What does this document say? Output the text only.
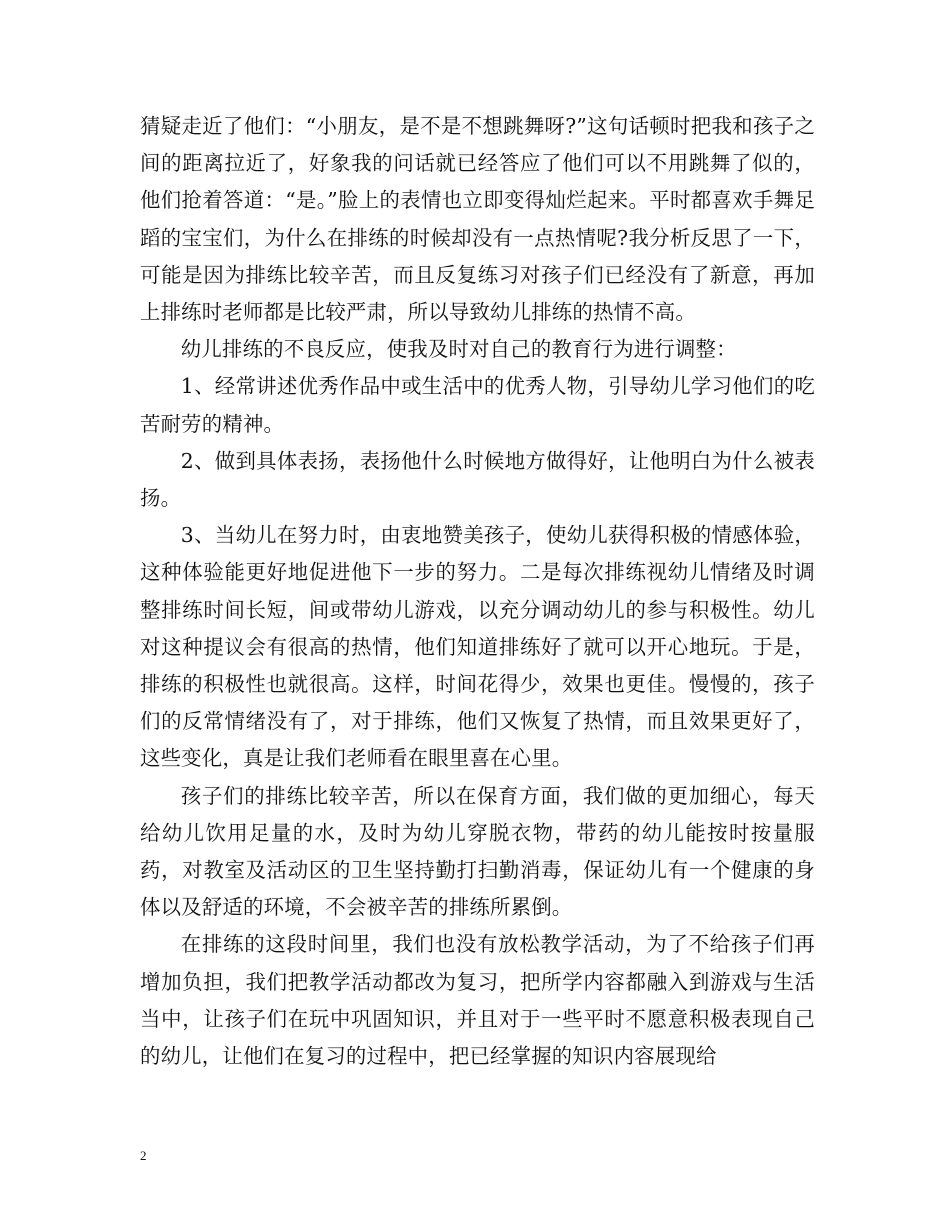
猜疑走近了他们：“小朋友，是不是不想跳舞呀?”这句话顿时把我和孩子之间的距离拉近了，好象我的问话就已经答应了他们可以不用跳舞了似的，他们抢着答道：“是。”脸上的表情也立即变得灿烂起来。平时都喜欢手舞足蹈的宝宝们，为什么在排练的时候却没有一点热情呢?我分析反思了一下，可能是因为排练比较辛苦，而且反复练习对孩子们已经没有了新意，再加上排练时老师都是比较严肃，所以导致幼儿排练的热情不高。

幼儿排练的不良反应，使我及时对自己的教育行为进行调整：

1、经常讲述优秀作品中或生活中的优秀人物，引导幼儿学习他们的吃苦耐劳的精神。

2、做到具体表扬，表扬他什么时候地方做得好，让他明白为什么被表扬。

3、当幼儿在努力时，由衷地赞美孩子，使幼儿获得积极的情感体验，这种体验能更好地促进他下一步的努力。二是每次排练视幼儿情绪及时调整排练时间长短，间或带幼儿游戏，以充分调动幼儿的参与积极性。幼儿对这种提议会有很高的热情，他们知道排练好了就可以开心地玩。于是，排练的积极性也就很高。这样，时间花得少，效果也更佳。慢慢的，孩子们的反常情绪没有了，对于排练，他们又恢复了热情，而且效果更好了，这些变化，真是让我们老师看在眼里喜在心里。

孩子们的排练比较辛苦，所以在保育方面，我们做的更加细心，每天给幼儿饮用足量的水，及时为幼儿穿脱衣物，带药的幼儿能按时按量服药，对教室及活动区的卫生坚持勤打扫勤消毒，保证幼儿有一个健康的身体以及舒适的环境，不会被辛苦的排练所累倒。

在排练的这段时间里，我们也没有放松教学活动，为了不给孩子们再增加负担，我们把教学活动都改为复习，把所学内容都融入到游戏与生活当中，让孩子们在玩中巩固知识，并且对于一些平时不愿意积极表现自己的幼儿，让他们在复习的过程中，把已经掌握的知识内容展现给

2
